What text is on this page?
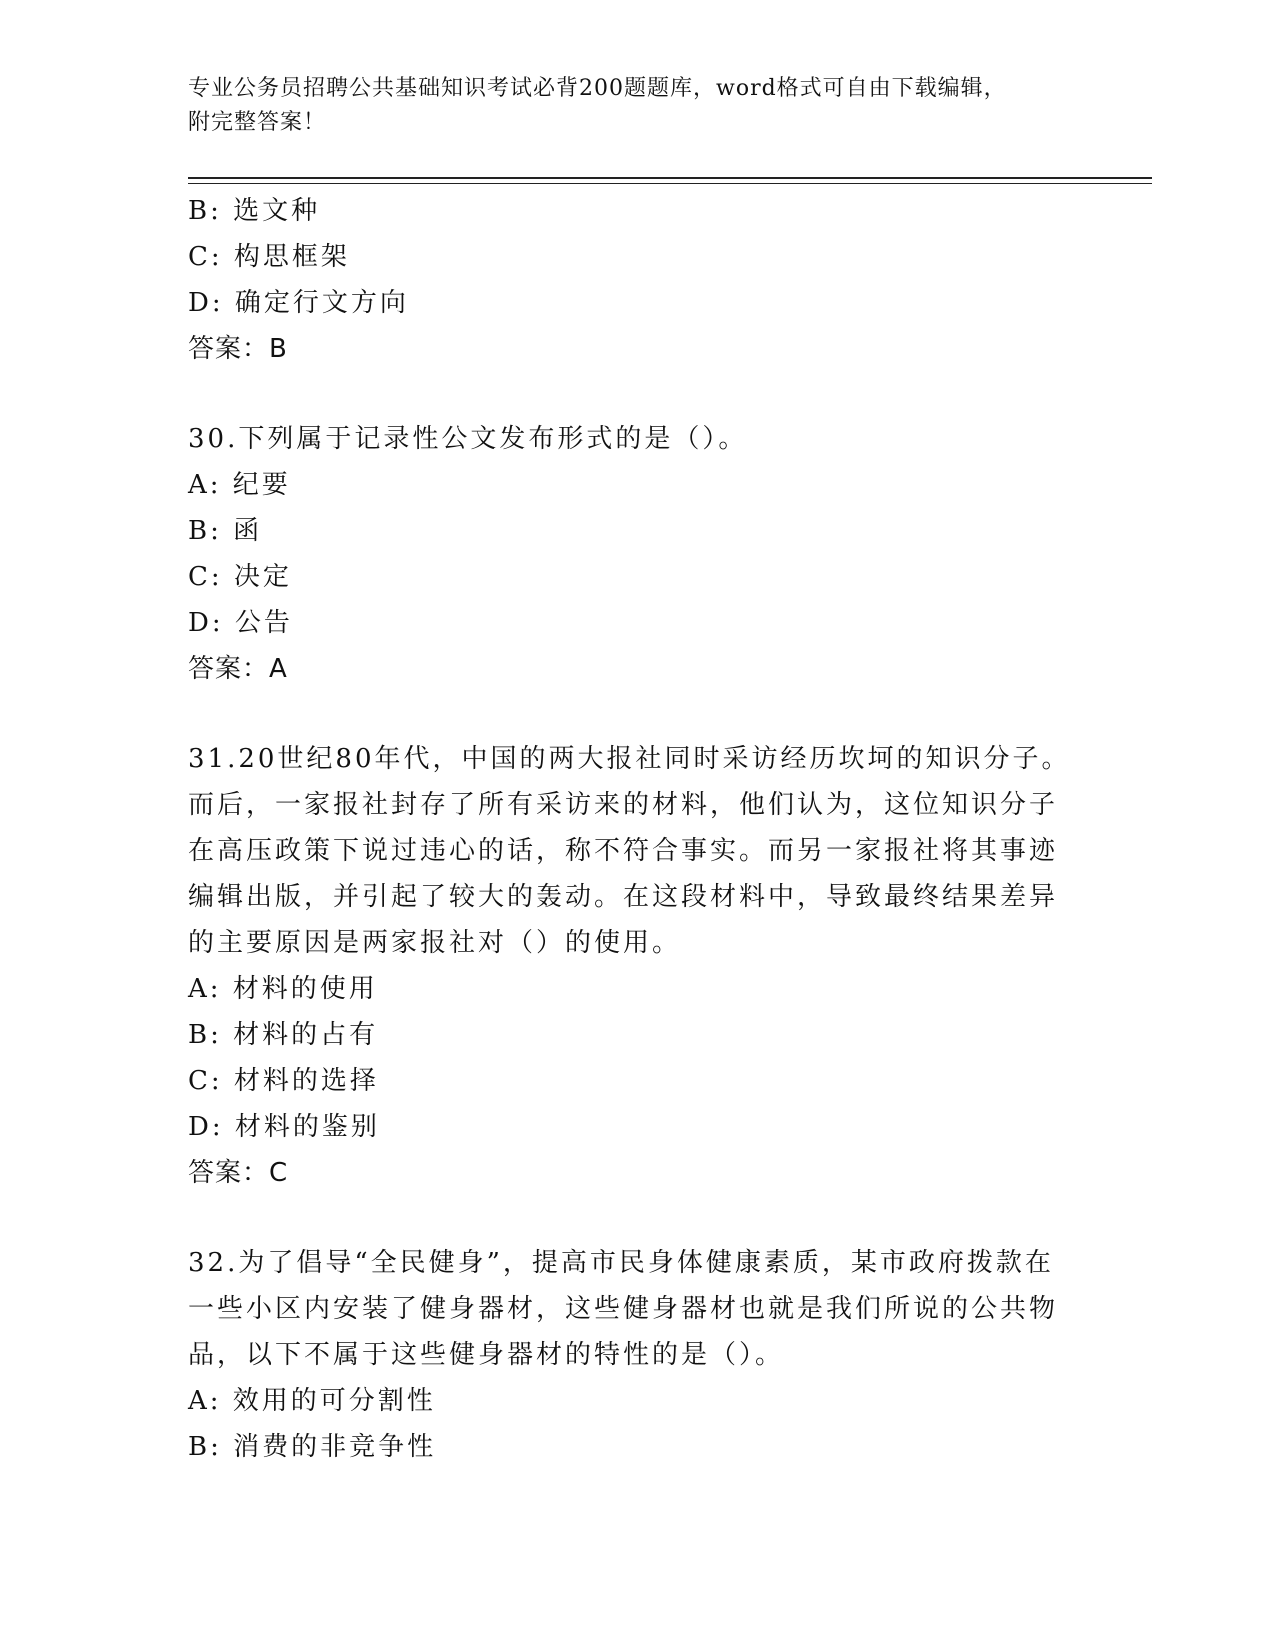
专业公务员招聘公共基础知识考试必背200题题库，word格式可自由下载编辑，
附完整答案！
B: 选文种
C: 构思框架
D: 确定行文方向
答案：B
30.下列属于记录性公文发布形式的是（）。
A: 纪要
B: 函
C: 决定
D: 公告
答案：A
31.20世纪80年代，中国的两大报社同时采访经历坎坷的知识分子。
而后，一家报社封存了所有采访来的材料，他们认为，这位知识分子
在高压政策下说过违心的话，称不符合事实。而另一家报社将其事迹
编辑出版，并引起了较大的轰动。在这段材料中，导致最终结果差异
的主要原因是两家报社对（）的使用。
A: 材料的使用
B: 材料的占有
C: 材料的选择
D: 材料的鉴别
答案：C
32.为了倡导“全民健身”，提高市民身体健康素质，某市政府拨款在
一些小区内安装了健身器材，这些健身器材也就是我们所说的公共物
品，以下不属于这些健身器材的特性的是（）。
A: 效用的可分割性
B: 消费的非竞争性
